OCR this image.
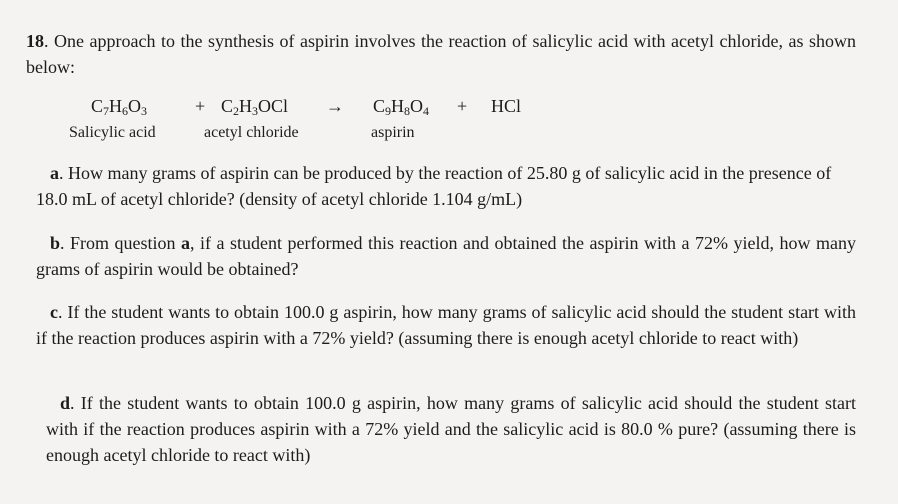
18. One approach to the synthesis of aspirin involves the reaction of salicylic acid with acetyl chloride, as shown below:

$C_7H_6O_3$	+ $C_2H_3OCl \to C_9H_8O_4$ + HCl
Salicylic acid	acetyl chloride	aspirin

a. How many grams of aspirin can be produced by the reaction of 25.80 g of salicylic acid in the presence of 18.0 mL of acetyl chloride? (density of acetyl chloride 1.104 g/mL)

b. From question a, if a student performed this reaction and obtained the aspirin with a 72% yield, how many grams of aspirin would be obtained?

c. If the student wants to obtain 100.0 g aspirin, how many grams of salicylic acid should the student start with if the reaction produces aspirin with a 72% yield? (assuming there is enough acetyl chloride to react with)

d. If the student wants to obtain 100.0 g aspirin, how many grams of salicylic acid should the student start with if the reaction produces aspirin with a 72% yield and the salicylic acid is 80.0 % pure? (assuming there is enough acetyl chloride to react with)
